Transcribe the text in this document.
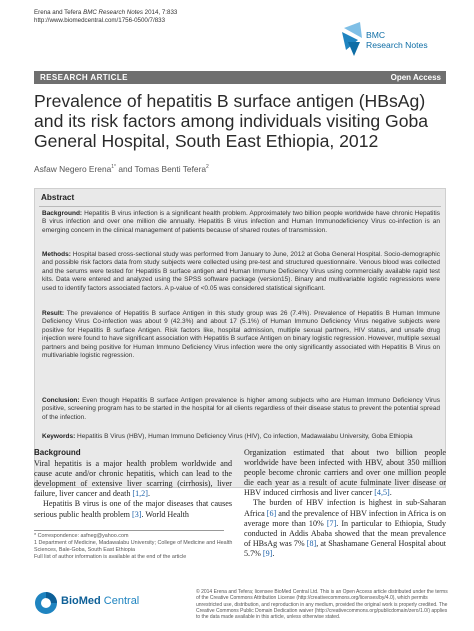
Erena and Tefera BMC Research Notes 2014, 7:833
http://www.biomedcentral.com/1756-0500/7/833
BMC
Research Notes
RESEARCH ARTICLE	Open Access
Prevalence of hepatitis B surface antigen (HBsAg) and its risk factors among individuals visiting Goba General Hospital, South East Ethiopia, 2012
Asfaw Negero Erena$^{1*}$ and Tomas Benti Tefera$^2$
Abstract
Background: Hepatitis B virus infection is a significant health problem. Approximately two billion people worldwide have chronic Hepatitis B virus infection and over one million die annually. Hepatitis B virus infection and Human Immunodeficiency Virus co-infection is an emerging concern in the clinical management of patients because of shared routes of transmission.
Methods: Hospital based cross-sectional study was performed from January to June, 2012 at Goba General Hospital. Socio-demographic and possible risk factors data from study subjects were collected using pre-test and structured questionnaire. Venous blood was collected and the serums were tested for Hepatitis B surface antigen and Human Immune Deficiency Virus using commercially available rapid test kits. Data were entered and analyzed using the SPSS software package (version15). Binary and multivariable logistic regressions were used to identify factors associated factors. A p-value of <0.05 was considered statistical significant.
Result: The prevalence of Hepatitis B surface Antigen in this study group was 26 (7.4%). Prevalence of Hepatitis B Human Immune Deficiency Virus Co-infection was about 9 (42.3%) and about 17 (5.1%) of Human Immuno Deficiency Virus negative subjects were positive for Hepatitis B surface Antigen. Risk factors like, hospital admission, multiple sexual partners, HIV status, and unsafe drug injection were found to have significant association with Hepatitis B surface Antigen on binary logistic regression. However, multiple sexual partners and being positive for Human Immuno Deficiency Virus infection were the only significantly associated with Hepatitis B Virus on multivariable logistic regression.
Conclusion: Even though Hepatitis B surface Antigen prevalence is higher among subjects who are Human Immuno Deficiency Virus positive, screening program has to be started in the hospital for all clients regardless of their disease status to prevent the potential spread of the infection.
Keywords: Hepatitis B Virus (HBV), Human Immuno Deficiency Virus (HIV), Co infection, Madawalabu University, Goba Ethiopia
Background

Viral hepatitis is a major health problem worldwide and cause acute and/or chronic hepatitis, which can lead to the development of extensive liver scarring (cirrhosis), liver failure, liver cancer and death [1,2].

Hepatitis B virus is one of the major diseases that causes serious public health problem [3]. World Health

Organization estimated that about two billion people worldwide have been infected with HBV, about 350 million people become chronic carriers and over one million people die each year as a result of acute fulminate liver disease or HBV induced cirrhosis and liver cancer [4,5].

The burden of HBV infection is highest in sub-Saharan Africa [6] and the prevalence of HBV infection in Africa is on average more than 10% [7]. In particular to Ethiopia, Study conducted in Addis Ababa showed that the mean prevalence of HBsAg was 7% [8], at Shashamane General Hospital about 5.7% [9].

* Correspondence: asfneg@yahoo.com
1 Department of Medicine, Madawalabu University; College of Medicine and Health Sciences, Bale-Goba, South East Ethiopia
Full list of author information is available at the end of the article
BioMed Central
© 2014 Erena and Tefera; licensee BioMed Central Ltd. This is an Open Access article distributed under the terms of the Creative Commons Attribution License (http://creativecommons.org/licenses/by/4.0), which permits unrestricted use, distribution, and reproduction in any medium, provided the original work is properly credited. The Creative Commons Public Domain Dedication waiver (http://creativecommons.org/publicdomain/zero/1.0/) applies to the data made available in this article, unless otherwise stated.
